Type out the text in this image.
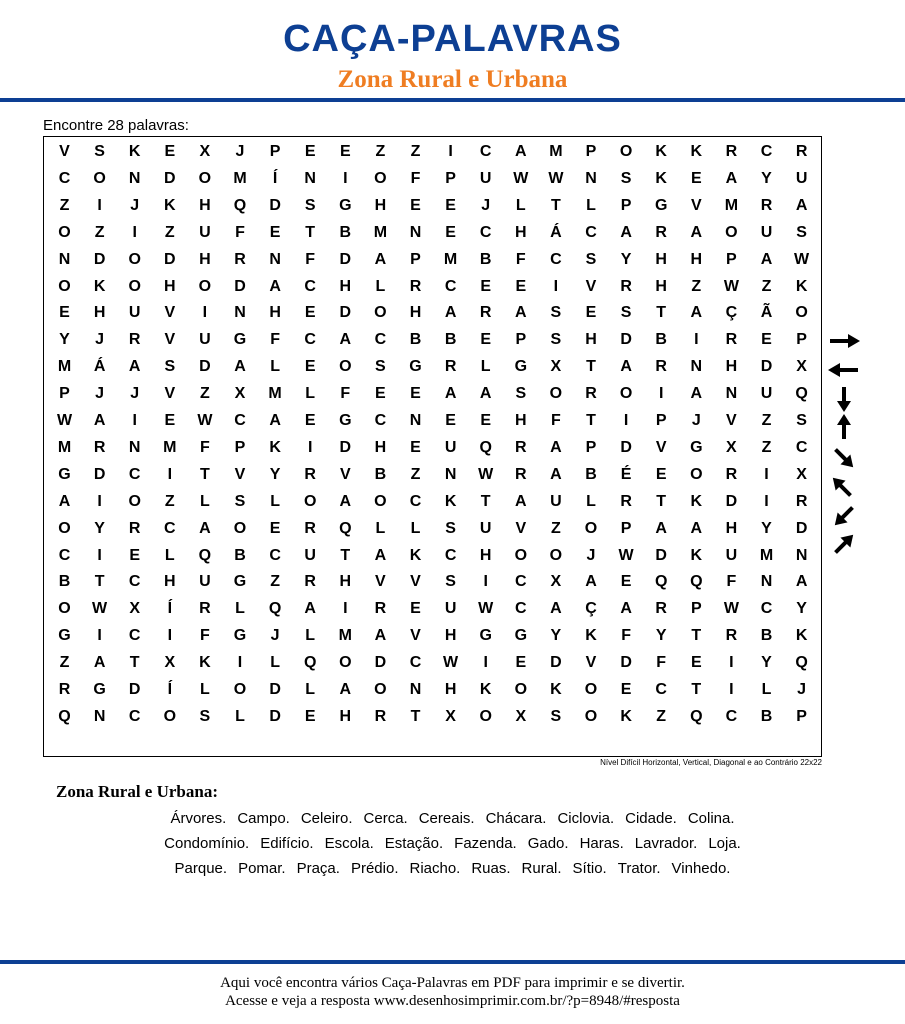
CAÇA-PALAVRAS
Zona Rural e Urbana
Encontre 28 palavras:
V	S	K	E	X	J	P	E	E	Z	Z	I	C	A	M	P	O	K	K	R	C	R
C	O	N	D	O	M	Í	N	I	O	F	P	U	W	W	N	S	K	E	A	Y	U
Z	I	J	K	H	Q	D	S	G	H	E	E	J	L	T	L	P	G	V	M	R	A
O	Z	I	Z	U	F	E	T	B	M	N	E	C	H	Á	C	A	R	A	O	U	S
N	D	O	D	H	R	N	F	D	A	P	M	B	F	C	S	Y	H	H	P	A	W
O	K	O	H	O	D	A	C	H	L	R	C	E	E	I	V	R	H	Z	W	Z	K
E	H	U	V	I	N	H	E	D	O	H	A	R	A	S	E	S	T	A	Ç	Ã	O
Y	J	R	V	U	G	F	C	A	C	B	B	E	P	S	H	D	B	I	R	E	P
M	Á	A	S	D	A	L	E	O	S	G	R	L	G	X	T	A	R	N	H	D	X
P	J	J	V	Z	X	M	L	F	E	E	A	A	S	O	R	O	I	A	N	U	Q
W	A	I	E	W	C	A	E	G	C	N	E	E	H	F	T	I	P	J	V	Z	S
M	R	N	M	F	P	K	I	D	H	E	U	Q	R	A	P	D	V	G	X	Z	C
G	D	C	I	T	V	Y	R	V	B	Z	N	W	R	A	B	É	E	O	R	I	X
A	I	O	Z	L	S	L	O	A	O	C	K	T	A	U	L	R	T	K	D	I	R
O	Y	R	C	A	O	E	R	Q	L	L	S	U	V	Z	O	P	A	A	H	Y	D
C	I	E	L	Q	B	C	U	T	A	K	C	H	O	O	J	W	D	K	U	M	N
B	T	C	H	U	G	Z	R	H	V	V	S	I	C	X	A	E	Q	Q	F	N	A
O	W	X	Í	R	L	Q	A	I	R	E	U	W	C	A	Ç	A	R	P	W	C	Y
G	I	C	I	F	G	J	L	M	A	V	H	G	G	Y	K	F	Y	T	R	B	K
Z	A	T	X	K	I	L	Q	O	D	C	W	I	E	D	V	D	F	E	I	Y	Q
R	G	D	Í	L	O	D	L	A	O	N	H	K	O	K	O	E	C	T	I	L	J
Q	N	C	O	S	L	D	E	H	R	T	X	O	X	S	O	K	Z	Q	C	B	P
Nível Difícil Horizontal, Vertical, Diagonal e ao Contrário 22x22
Zona Rural e Urbana:
Árvores. Campo. Celeiro. Cerca. Cereais. Chácara. Ciclovia. Cidade. Colina.
Condomínio. Edifício. Escola. Estação. Fazenda. Gado. Haras. Lavrador. Loja.
Parque. Pomar. Praça. Prédio. Riacho. Ruas. Rural. Sítio. Trator. Vinhedo.
Aqui você encontra vários Caça-Palavras em PDF para imprimir e se divertir.
Acesse e veja a resposta www.desenhosimprimir.com.br/?p=8948/#resposta
